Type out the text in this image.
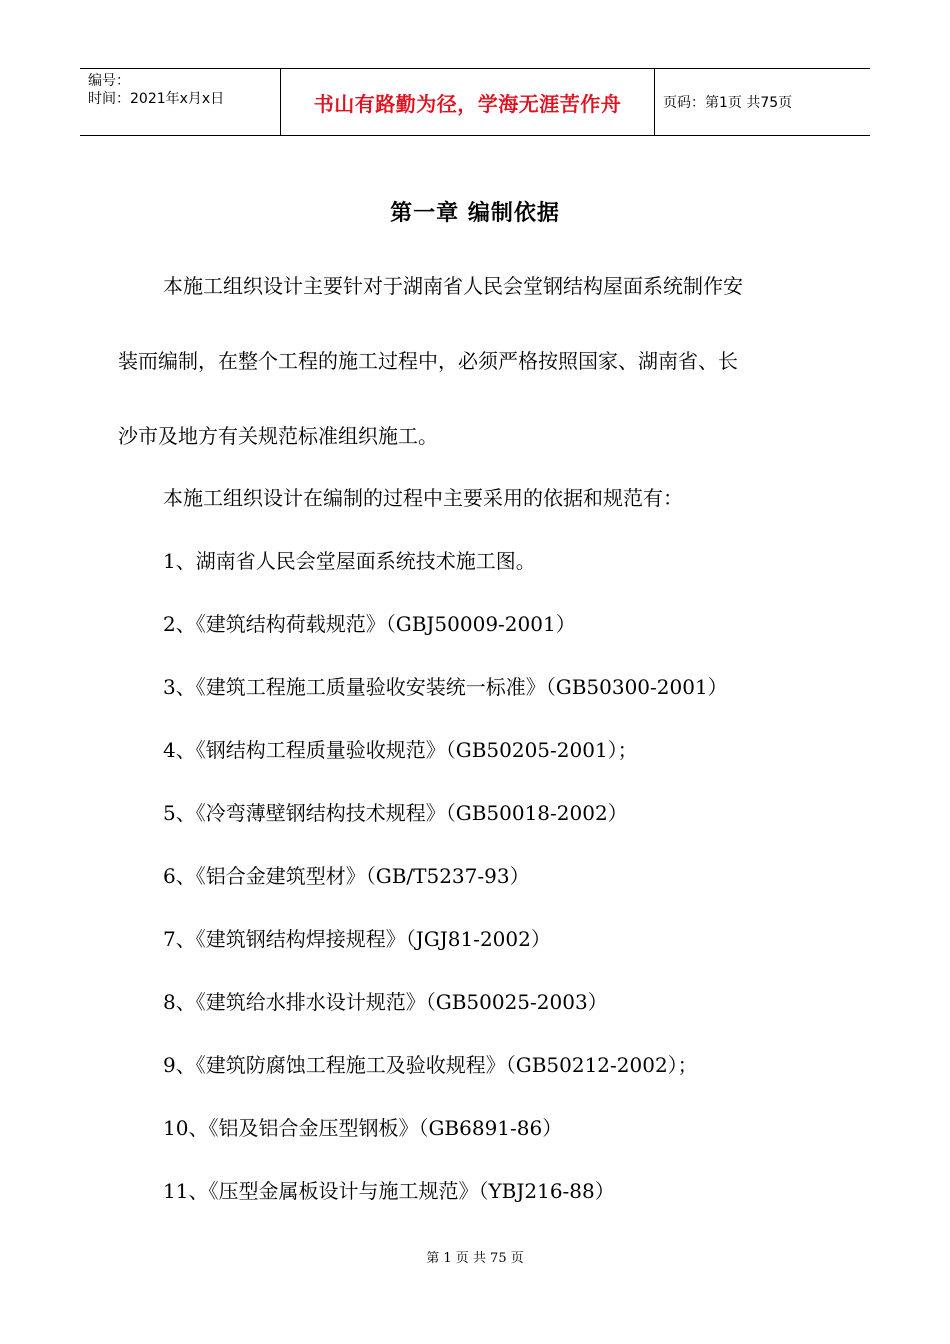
编号：
时间：2021年x月x日	书山有路勤为径，学海无涯苦作舟	页码：第1页 共75页
第一章 编制依据
本施工组织设计主要针对于湖南省人民会堂钢结构屋面系统制作安
装而编制，在整个工程的施工过程中，必须严格按照国家、湖南省、长
沙市及地方有关规范标准组织施工。
本施工组织设计在编制的过程中主要采用的依据和规范有：
1、湖南省人民会堂屋面系统技术施工图。
2、《建筑结构荷载规范》（GBJ50009-2001）
3、《建筑工程施工质量验收安装统一标准》（GB50300-2001）
4、《钢结构工程质量验收规范》（GB50205-2001）；
5、《冷弯薄壁钢结构技术规程》（GB50018-2002）
6、《铝合金建筑型材》（GB/T5237-93）
7、《建筑钢结构焊接规程》（JGJ81-2002）
8、《建筑给水排水设计规范》（GB50025-2003）
9、《建筑防腐蚀工程施工及验收规程》（GB50212-2002）；
10、《铝及铝合金压型钢板》（GB6891-86）
11、《压型金属板设计与施工规范》（YBJ216-88）
第 1 页 共 75 页
